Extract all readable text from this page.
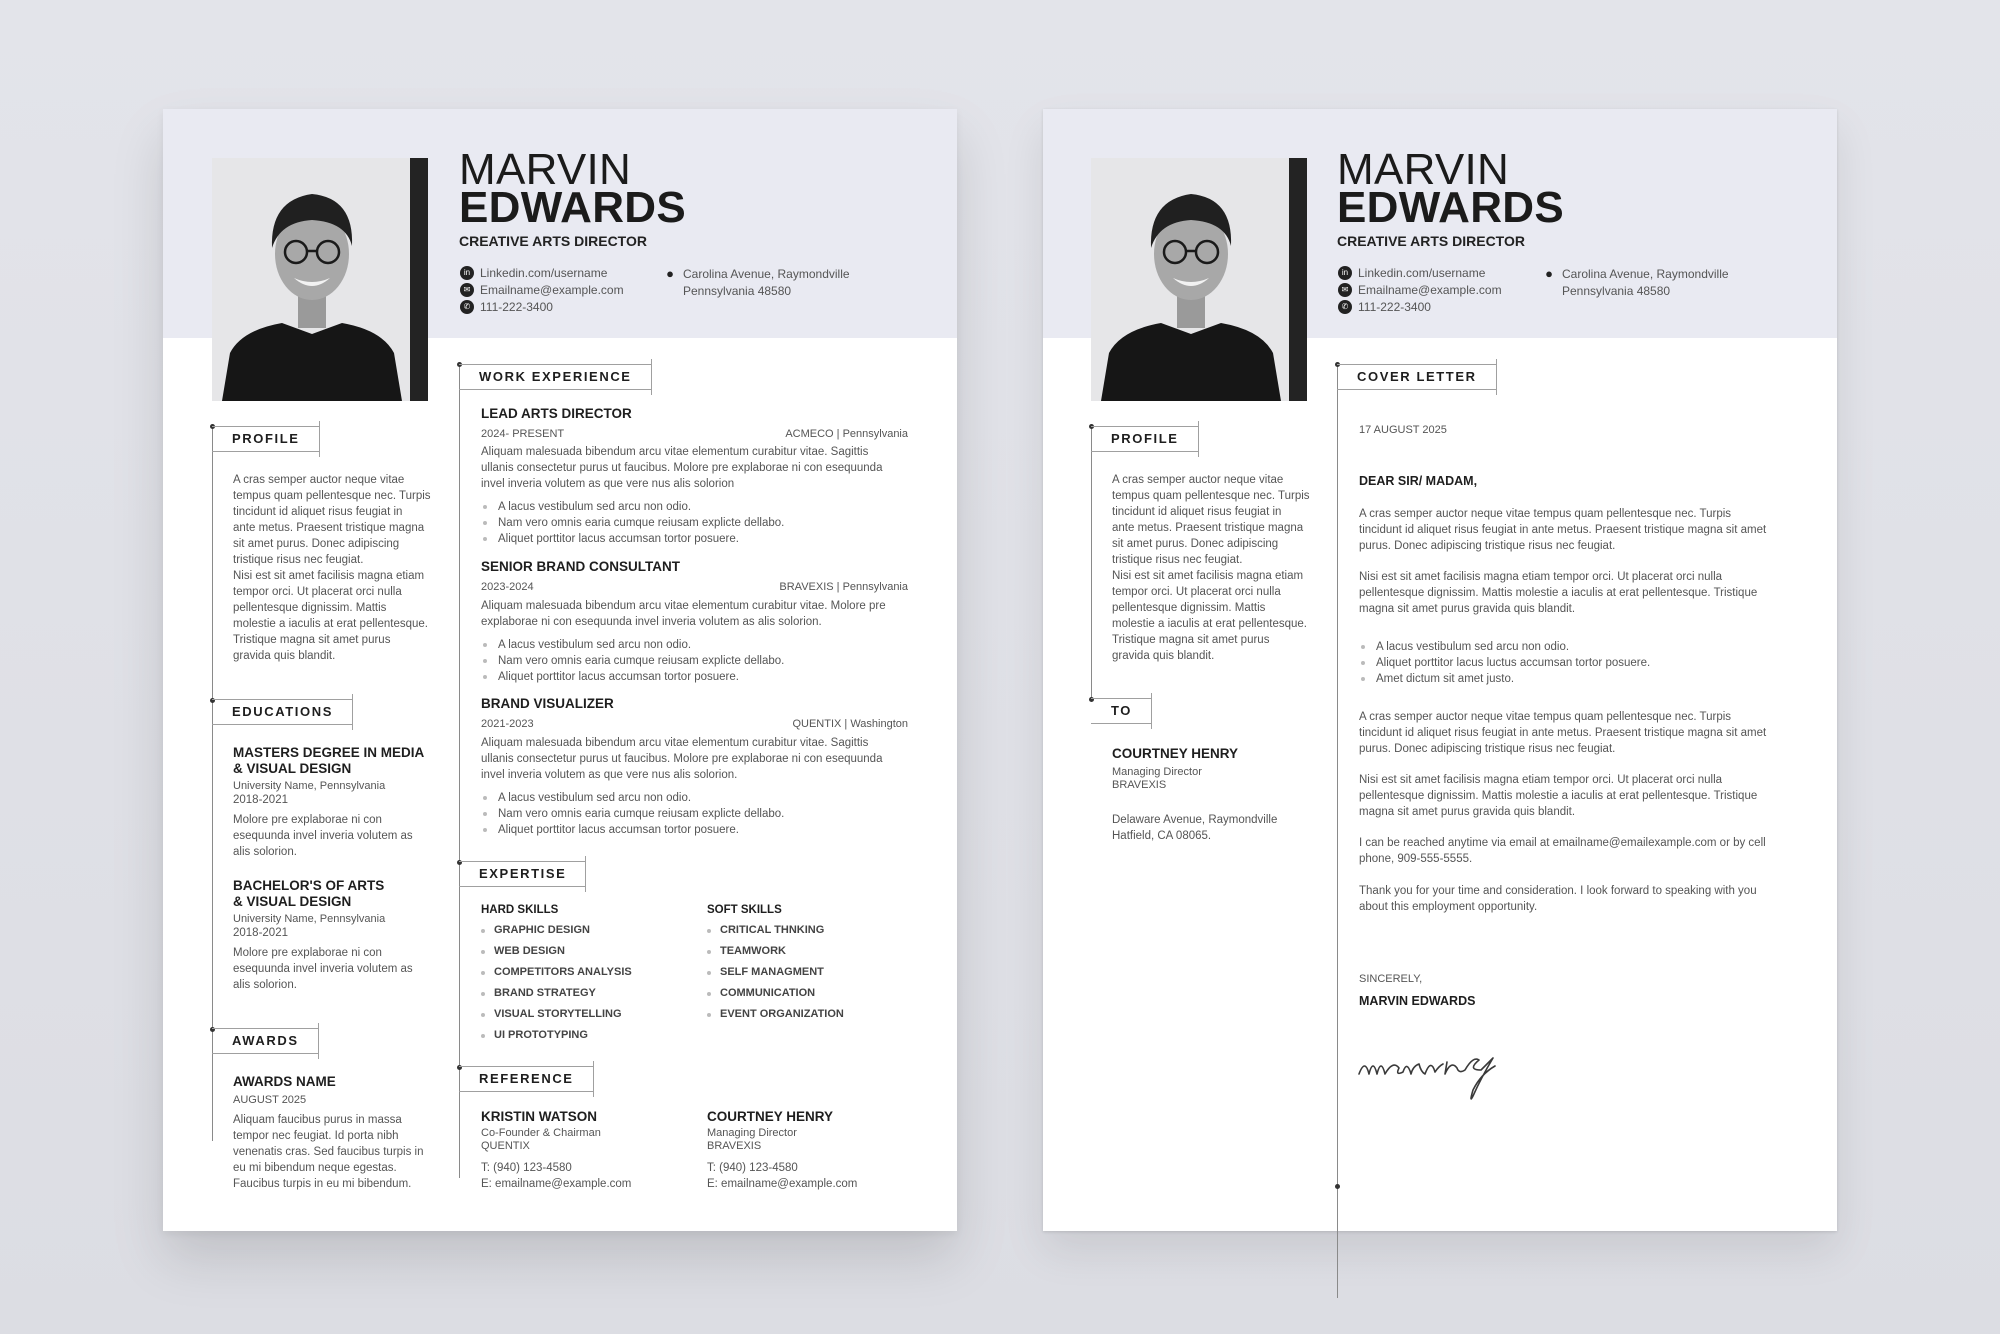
MARVIN
EDWARDS
CREATIVE ARTS DIRECTOR
in Linkedin.com/username
✉ Emailname@example.com
✆ 111-222-3400
● Carolina Avenue, Raymondville
Pennsylvania 48580
PROFILE
A cras semper auctor neque vitae
tempus quam pellentesque nec. Turpis
tincidunt id aliquet risus feugiat in
ante metus. Praesent tristique magna
sit amet purus. Donec adipiscing
tristique risus nec feugiat.
Nisi est sit amet facilisis magna etiam
tempor orci. Ut placerat orci nulla
pellentesque dignissim. Mattis
molestie a iaculis at erat pellentesque.
Tristique magna sit amet purus
gravida quis blandit.
EDUCATIONS
MASTERS DEGREE IN MEDIA
& VISUAL DESIGN
University Name, Pennsylvania
2018-2021
Molore pre explaborae ni con
esequunda invel inveria volutem as
alis solorion.
BACHELOR'S OF ARTS
& VISUAL DESIGN
University Name, Pennsylvania
2018-2021
Molore pre explaborae ni con
esequunda invel inveria volutem as
alis solorion.
AWARDS
AWARDS NAME
AUGUST 2025
Aliquam faucibus purus in massa
tempor nec feugiat. Id porta nibh
venenatis cras. Sed faucibus turpis in
eu mi bibendum neque egestas.
Faucibus turpis in eu mi bibendum.
WORK EXPERIENCE
LEAD ARTS DIRECTOR
2024- PRESENT	ACMECO | Pennsylvania
Aliquam malesuada bibendum arcu vitae elementum curabitur vitae. Sagittis
ullanis consectetur purus ut faucibus. Molore pre explaborae ni con esequunda
invel inveria volutem as que vere nus alis solorion
A lacus vestibulum sed arcu non odio.
Nam vero omnis earia cumque reiusam explicte dellabo.
Aliquet porttitor lacus accumsan tortor posuere.
SENIOR BRAND CONSULTANT
2023-2024	BRAVEXIS | Pennsylvania
Aliquam malesuada bibendum arcu vitae elementum curabitur vitae. Molore pre
explaborae ni con esequunda invel inveria volutem as alis solorion.
A lacus vestibulum sed arcu non odio.
Nam vero omnis earia cumque reiusam explicte dellabo.
Aliquet porttitor lacus accumsan tortor posuere.
BRAND VISUALIZER
2021-2023	QUENTIX | Washington
Aliquam malesuada bibendum arcu vitae elementum curabitur vitae. Sagittis
ullanis consectetur purus ut faucibus. Molore pre explaborae ni con esequunda
invel inveria volutem as que vere nus alis solorion.
A lacus vestibulum sed arcu non odio.
Nam vero omnis earia cumque reiusam explicte dellabo.
Aliquet porttitor lacus accumsan tortor posuere.
EXPERTISE
HARD SKILLS
GRAPHIC DESIGN
WEB DESIGN
COMPETITORS ANALYSIS
BRAND STRATEGY
VISUAL STORYTELLING
UI PROTOTYPING
SOFT SKILLS
CRITICAL THNKING
TEAMWORK
SELF MANAGMENT
COMMUNICATION
EVENT ORGANIZATION
REFERENCE
KRISTIN WATSON
Co-Founder & Chairman
QUENTIX
T: (940) 123-4580
E: emailname@example.com
COURTNEY HENRY
Managing Director
BRAVEXIS
T: (940) 123-4580
E: emailname@example.com
MARVIN
EDWARDS
CREATIVE ARTS DIRECTOR
in Linkedin.com/username
✉ Emailname@example.com
✆ 111-222-3400
● Carolina Avenue, Raymondville
Pennsylvania 48580
PROFILE
A cras semper auctor neque vitae
tempus quam pellentesque nec. Turpis
tincidunt id aliquet risus feugiat in
ante metus. Praesent tristique magna
sit amet purus. Donec adipiscing
tristique risus nec feugiat.
Nisi est sit amet facilisis magna etiam
tempor orci. Ut placerat orci nulla
pellentesque dignissim. Mattis
molestie a iaculis at erat pellentesque.
Tristique magna sit amet purus
gravida quis blandit.
TO
COURTNEY HENRY
Managing Director
BRAVEXIS
Delaware Avenue, Raymondville
Hatfield, CA 08065.
COVER LETTER
17 AUGUST 2025
DEAR SIR/ MADAM,
A cras semper auctor neque vitae tempus quam pellentesque nec. Turpis
tincidunt id aliquet risus feugiat in ante metus. Praesent tristique magna sit amet
purus. Donec adipiscing tristique risus nec feugiat.
Nisi est sit amet facilisis magna etiam tempor orci. Ut placerat orci nulla
pellentesque dignissim. Mattis molestie a iaculis at erat pellentesque. Tristique
magna sit amet purus gravida quis blandit.
A lacus vestibulum sed arcu non odio.
Aliquet porttitor lacus luctus accumsan tortor posuere.
Amet dictum sit amet justo.
A cras semper auctor neque vitae tempus quam pellentesque nec. Turpis
tincidunt id aliquet risus feugiat in ante metus. Praesent tristique magna sit amet
purus. Donec adipiscing tristique risus nec feugiat.
Nisi est sit amet facilisis magna etiam tempor orci. Ut placerat orci nulla
pellentesque dignissim. Mattis molestie a iaculis at erat pellentesque. Tristique
magna sit amet purus gravida quis blandit.
I can be reached anytime via email at emailname@emailexample.com or by cell
phone, 909-555-5555.
Thank you for your time and consideration. I look forward to speaking with you
about this employment opportunity.
SINCERELY,
MARVIN EDWARDS
